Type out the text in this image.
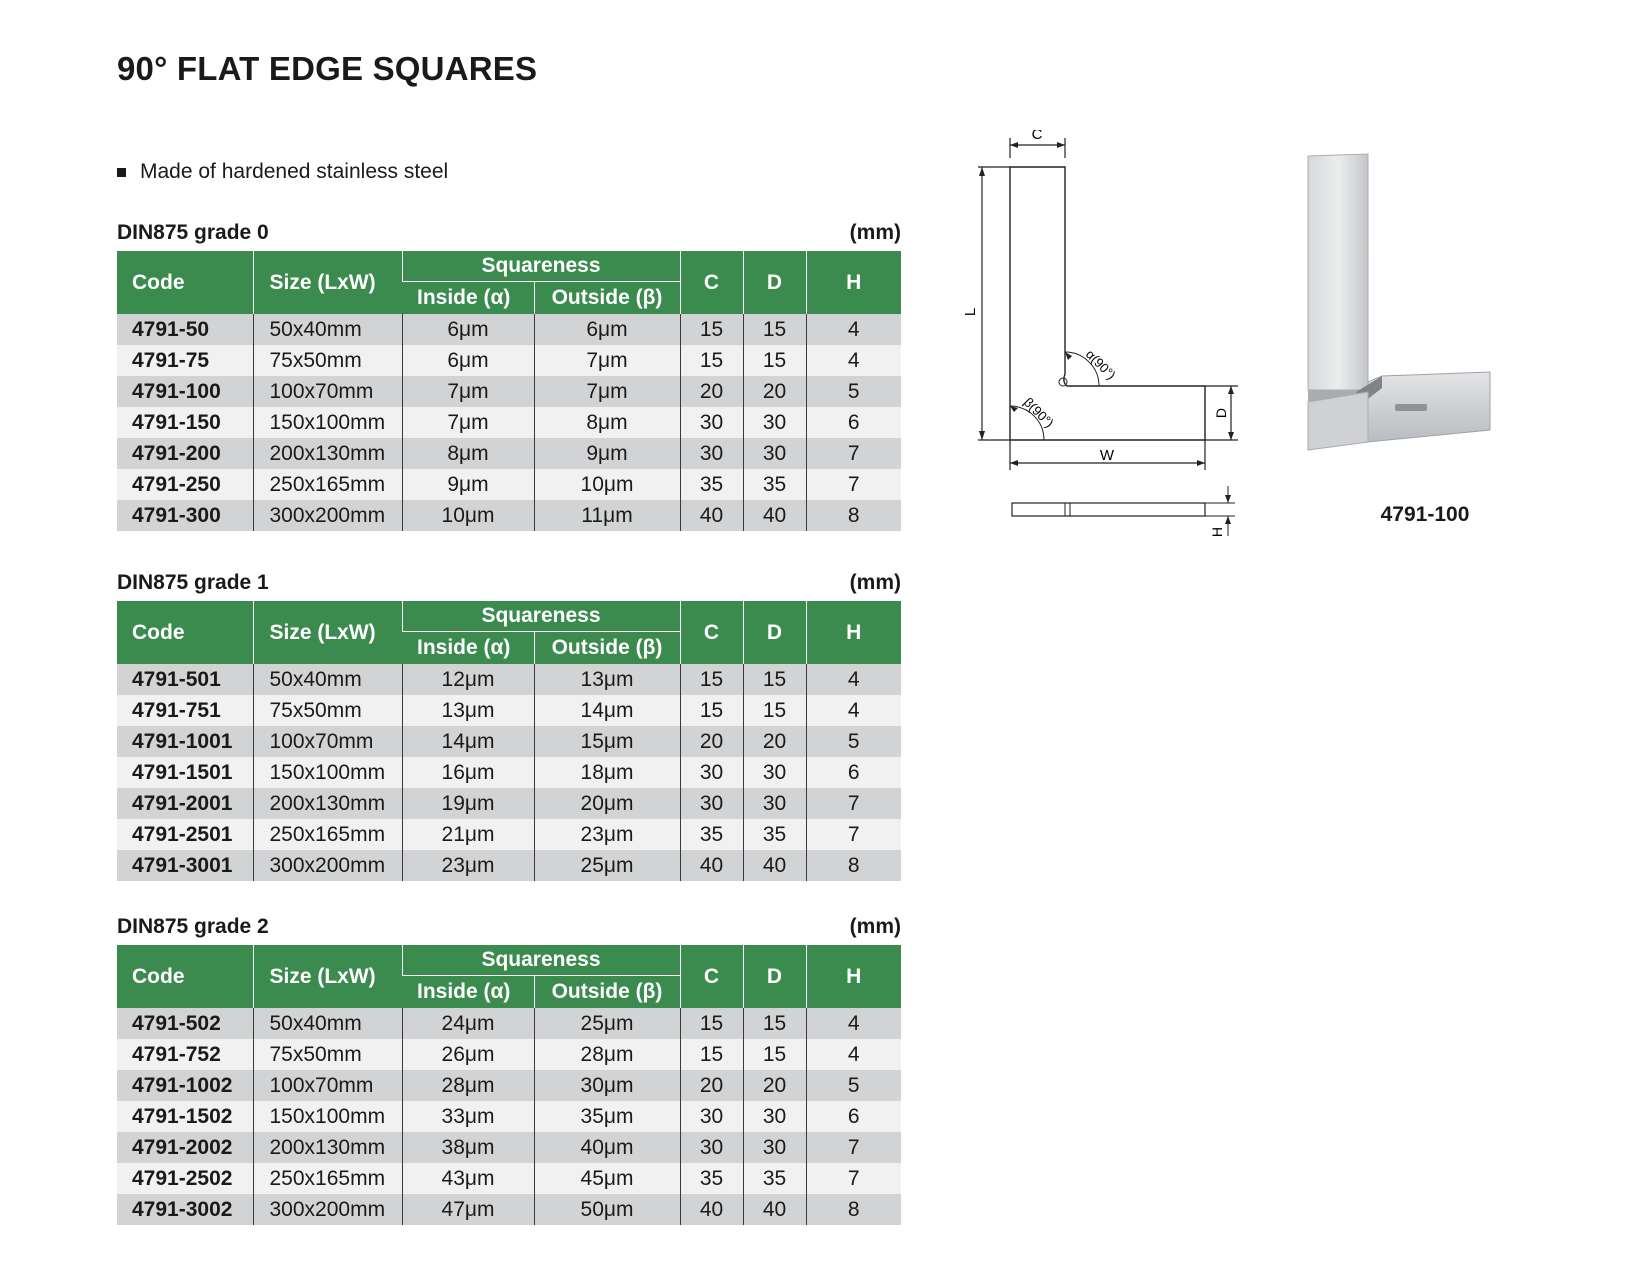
90° FLAT EDGE SQUARES
Made of hardened stainless steel
DIN875 grade 0	(mm)
Code	Size (LxW)	Squareness		C	D	H
		Inside (α)	Outside (β)			
4791-50	50x40mm	6μm	6μm	15	15	4
4791-75	75x50mm	6μm	7μm	15	15	4
4791-100	100x70mm	7μm	7μm	20	20	5
4791-150	150x100mm	7μm	8μm	30	30	6
4791-200	200x130mm	8μm	9μm	30	30	7
4791-250	250x165mm	9μm	10μm	35	35	7
4791-300	300x200mm	10μm	11μm	40	40	8
DIN875 grade 1	(mm)
Code	Size (LxW)	Squareness		C	D	H
		Inside (α)	Outside (β)			
4791-501	50x40mm	12μm	13μm	15	15	4
4791-751	75x50mm	13μm	14μm	15	15	4
4791-1001	100x70mm	14μm	15μm	20	20	5
4791-1501	150x100mm	16μm	18μm	30	30	6
4791-2001	200x130mm	19μm	20μm	30	30	7
4791-2501	250x165mm	21μm	23μm	35	35	7
4791-3001	300x200mm	23μm	25μm	40	40	8
DIN875 grade 2	(mm)
Code	Size (LxW)	Squareness		C	D	H
		Inside (α)	Outside (β)			
4791-502	50x40mm	24μm	25μm	15	15	4
4791-752	75x50mm	26μm	28μm	15	15	4
4791-1002	100x70mm	28μm	30μm	20	20	5
4791-1502	150x100mm	33μm	35μm	30	30	6
4791-2002	200x130mm	38μm	40μm	30	30	7
4791-2502	250x165mm	43μm	45μm	35	35	7
4791-3002	300x200mm	47μm	50μm	40	40	8
C
L
α(90°)
β(90°)	D
W
H
4791-100
